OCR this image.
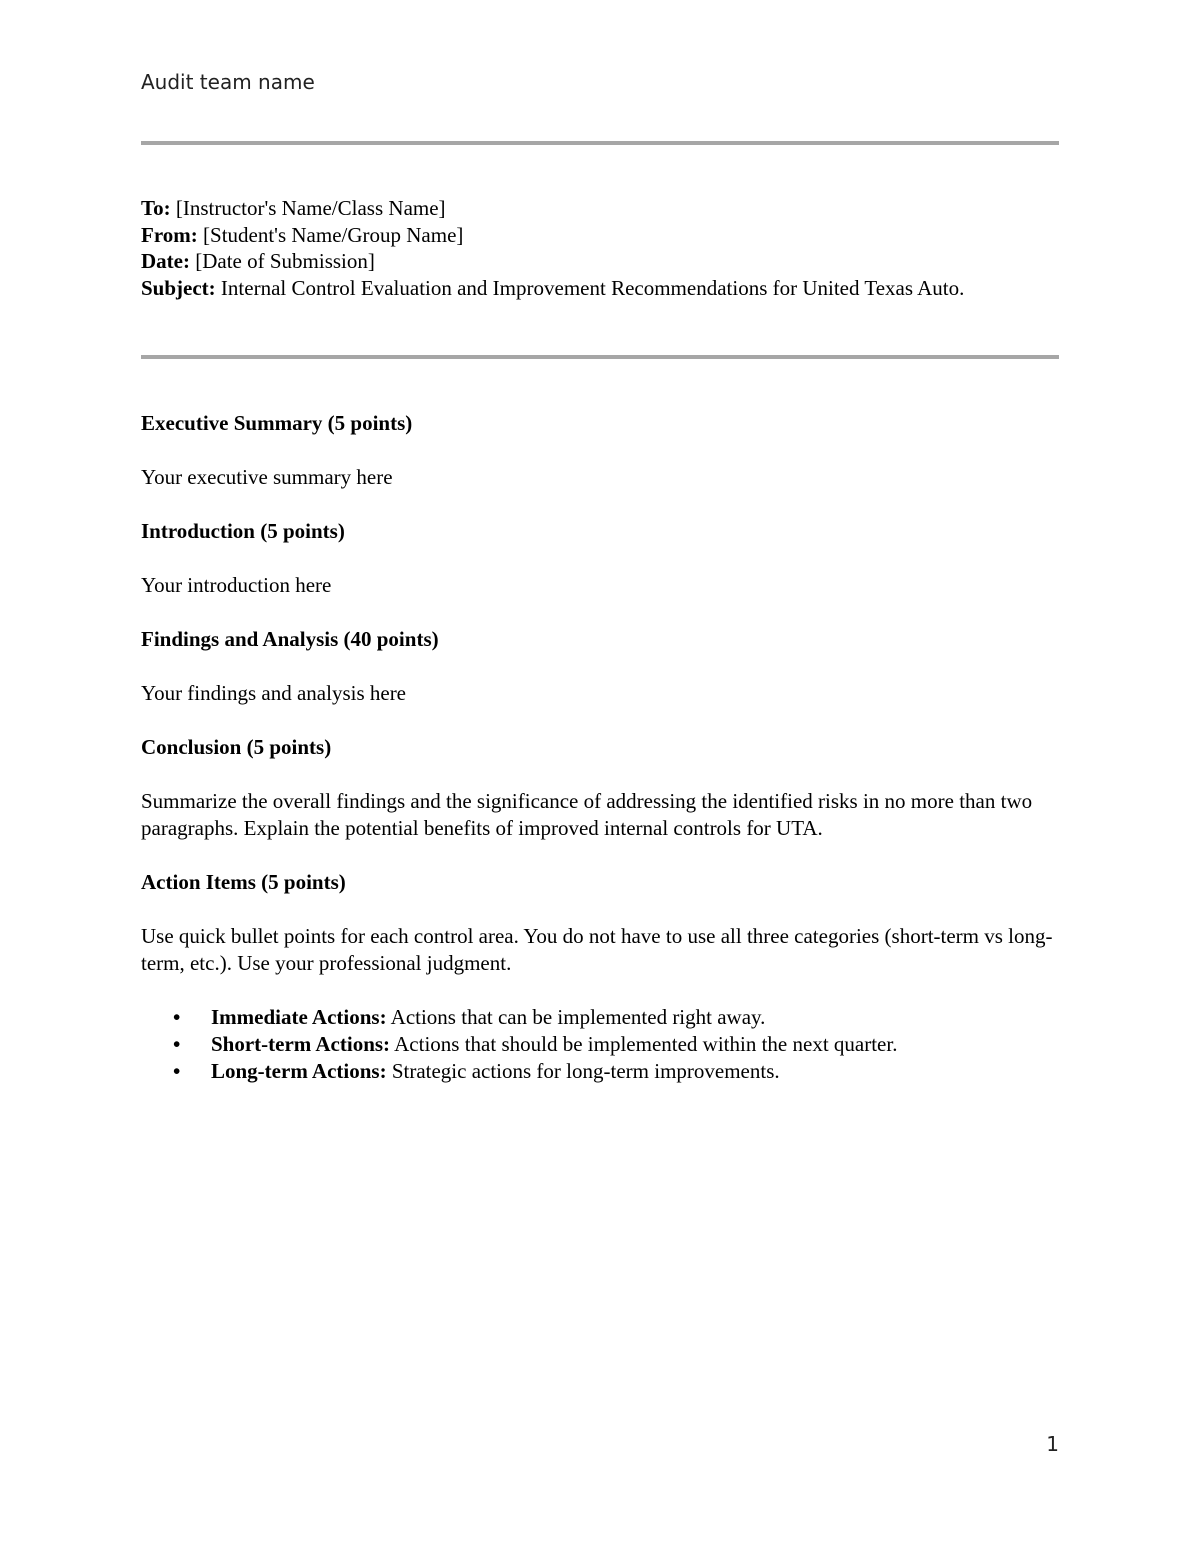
Audit team name

To: [Instructor's Name/Class Name]

From: [Student's Name/Group Name]

Date: [Date of Submission]

Subject: Internal Control Evaluation and Improvement Recommendations for United Texas Auto.

Executive Summary (5 points)

Your executive summary here

Introduction (5 points)

Your introduction here

Findings and Analysis (40 points)

Your findings and analysis here

Conclusion (5 points)

Summarize the overall findings and the significance of addressing the identified risks in no more than two paragraphs. Explain the potential benefits of improved internal controls for UTA.

Action Items (5 points)

Use quick bullet points for each control area. You do not have to use all three categories (short-term vs long-term, etc.). Use your professional judgment.

• Immediate Actions: Actions that can be implemented right away.
• Short-term Actions: Actions that should be implemented within the next quarter.
• Long-term Actions: Strategic actions for long-term improvements.
1
